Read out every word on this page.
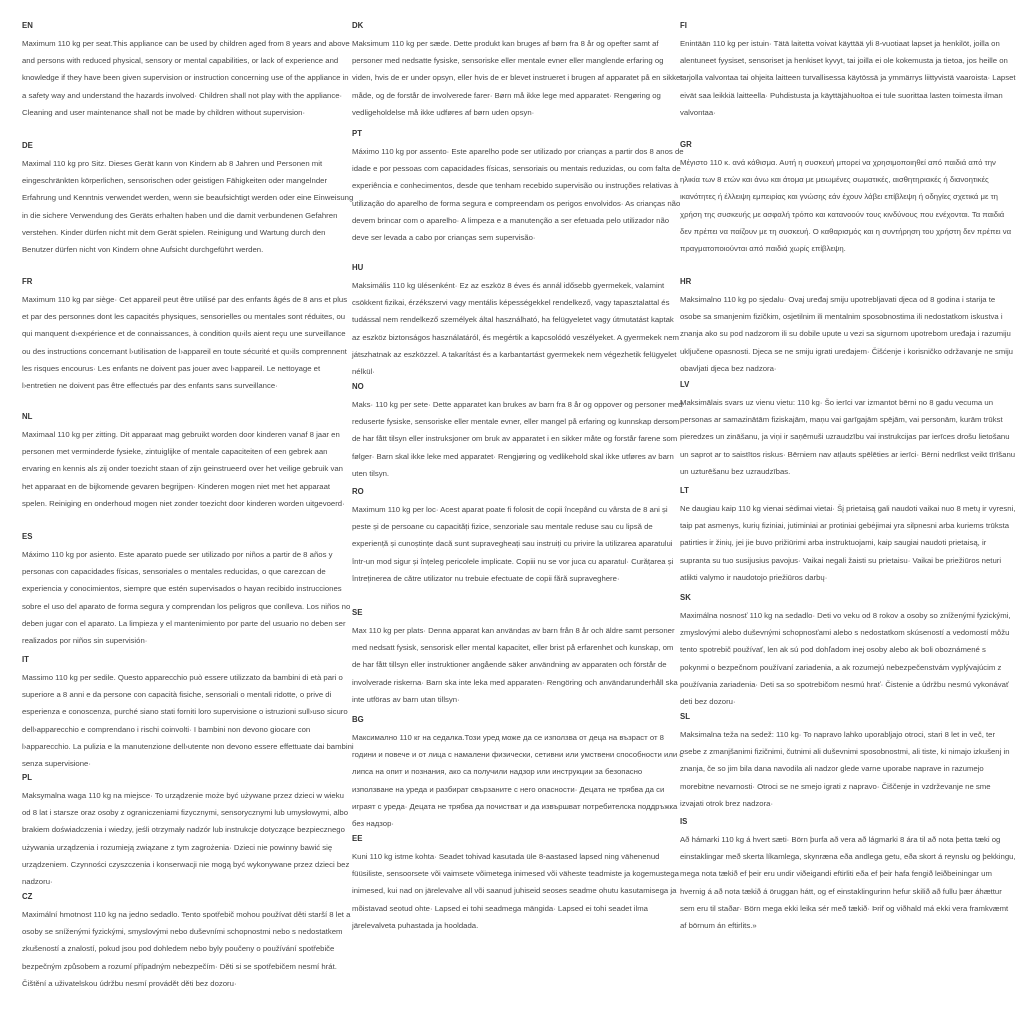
EN

Maximum 110 kg per seat.This appliance can be used by children aged from 8 years and above and persons with reduced physical, sensory or mental capabilities, or lack of experience and knowledge if they have been given supervision or instruction concerning use of the appliance in a safety way and understand the hazards involved· Children shall not play with the appliance· Cleaning and user maintenance shall not be made by children without supervision·

DE

Maximal 110 kg pro Sitz. Dieses Gerät kann von Kindern ab 8 Jahren und Personen mit eingeschränkten körperlichen, sensorischen oder geistigen Fähigkeiten oder mangelnder Erfahrung und Kenntnis verwendet werden, wenn sie beaufsichtigt werden oder eine Einweisung in die sichere Verwendung des Geräts erhalten haben und die damit verbundenen Gefahren verstehen. Kinder dürfen nicht mit dem Gerät spielen. Reinigung und Wartung durch den Benutzer dürfen nicht von Kindern ohne Aufsicht durchgeführt werden.

FR

Maximum 110 kg par siège· Cet appareil peut être utilisé par des enfants âgés de 8 ans et plus et par des personnes dont les capacités physiques, sensorielles ou mentales sont réduites, ou qui manquent d›expérience et de connaissances, à condition qu›ils aient reçu une surveillance ou des instructions concernant l›utilisation de l›appareil en toute sécurité et qu›ils comprennent les risques encourus· Les enfants ne doivent pas jouer avec l›appareil. Le nettoyage et l›entretien ne doivent pas être effectués par des enfants sans surveillance·

NL

Maximaal 110 kg per zitting. Dit apparaat mag gebruikt worden door kinderen vanaf 8 jaar en personen met verminderde fysieke, zintuiglijke of mentale capaciteiten of een gebrek aan ervaring en kennis als zij onder toezicht staan of zijn geinstrueerd over het veilige gebruik van het apparaat en de bijkomende gevaren begrijpen· Kinderen mogen niet met het apparaat spelen. Reiniging en onderhoud mogen niet zonder toezicht door kinderen worden uitgevoerd·

ES

Máximo 110 kg por asiento. Este aparato puede ser utilizado por niños a partir de 8 años y personas con capacidades físicas, sensoriales o mentales reducidas, o que carezcan de experiencia y conocimientos, siempre que estén supervisados o hayan recibido instrucciones sobre el uso del aparato de forma segura y comprendan los peligros que conlleva. Los niños no deben jugar con el aparato. La limpieza y el mantenimiento por parte del usuario no deben ser realizados por niños sin supervisión·

IT

Massimo 110 kg per sedile. Questo apparecchio può essere utilizzato da bambini di età pari o superiore a 8 anni e da persone con capacità fisiche, sensoriali o mentali ridotte, o prive di esperienza e conoscenza, purché siano stati forniti loro supervisione o istruzioni sull›uso sicuro dell›apparecchio e comprendano i rischi coinvolti· I bambini non devono giocare con l›apparecchio. La pulizia e la manutenzione dell›utente non devono essere effettuate dai bambini senza supervisione·

PL

Maksymalna waga 110 kg na miejsce· To urządzenie może być używane przez dzieci w wieku od 8 lat i starsze oraz osoby z ograniczeniami fizycznymi, sensorycznymi lub umysłowymi, albo brakiem doświadczenia i wiedzy, jeśli otrzymały nadzór lub instrukcje dotyczące bezpiecznego używania urządzenia i rozumieją związane z tym zagrożenia· Dzieci nie powinny bawić się urządzeniem. Czynności czyszczenia i konserwacji nie mogą być wykonywane przez dzieci bez nadzoru·

CZ

Maximální hmotnost 110 kg na jedno sedadlo. Tento spotřebič mohou používat děti starší 8 let a osoby se sníženými fyzickými, smyslovými nebo duševními schopnostmi nebo s nedostatkem zkušeností a znalostí, pokud jsou pod dohledem nebo byly poučeny o používání spotřebiče bezpečným způsobem a rozumí případným nebezpečím· Děti si se spotřebičem nesmí hrát. Čištění a uživatelskou údržbu nesmí provádět děti bez dozoru·

DK

Maksimum 110 kg per sæde. Dette produkt kan bruges af børn fra 8 år og opefter samt af personer med nedsatte fysiske, sensoriske eller mentale evner eller manglende erfaring og viden, hvis de er under opsyn, eller hvis de er blevet instrueret i brugen af apparatet på en sikker måde, og de forstår de involverede farer· Børn må ikke lege med apparatet· Rengøring og vedligeholdelse må ikke udføres af børn uden opsyn·

PT

Máximo 110 kg por assento· Este aparelho pode ser utilizado por crianças a partir dos 8 anos de idade e por pessoas com capacidades físicas, sensoriais ou mentais reduzidas, ou com falta de experiência e conhecimentos, desde que tenham recebido supervisão ou instruções relativas à utilização do aparelho de forma segura e compreendam os perigos envolvidos· As crianças não devem brincar com o aparelho· A limpeza e a manutenção a ser efetuada pelo utilizador não deve ser levada a cabo por crianças sem supervisão·

HU

Maksimális 110 kg ülésenként· Ez az eszköz 8 éves és annál idősebb gyermekek, valamint csökkent fizikai, érzékszervi vagy mentális képességekkel rendelkező, vagy tapasztalattal és tudással nem rendelkező személyek által használható, ha felügyeletet vagy útmutatást kaptak az eszköz biztonságos használatáról, és megértik a kapcsolódó veszélyeket. A gyermekek nem játszhatnak az eszközzel. A takarítást és a karbantartást gyermekek nem végezhetik felügyelet nélkül·

NO

Maks· 110 kg per sete· Dette apparatet kan brukes av barn fra 8 år og oppover og personer med reduserte fysiske, sensoriske eller mentale evner, eller mangel på erfaring og kunnskap dersom de har fått tilsyn eller instruksjoner om bruk av apparatet i en sikker måte og forstår farene som følger· Barn skal ikke leke med apparatet· Rengjøring og vedlikehold skal ikke utføres av barn uten tilsyn.

RO

Maximum 110 kg per loc· Acest aparat poate fi folosit de copii începând cu vârsta de 8 ani și peste și de persoane cu capacități fizice, senzoriale sau mentale reduse sau cu lipsă de experiență și cunoștințe dacă sunt supravegheați sau instruiți cu privire la utilizarea aparatului într-un mod sigur și înțeleg pericolele implicate. Copiii nu se vor juca cu aparatul· Curățarea și întreținerea de către utilizator nu trebuie efectuate de copii fără supraveghere·

SE

Max 110 kg per plats· Denna apparat kan användas av barn från 8 år och äldre samt personer med nedsatt fysisk, sensorisk eller mental kapacitet, eller brist på erfarenhet och kunskap, om de har fått tillsyn eller instruktioner angående säker användning av apparaten och förstår de involverade riskerna· Barn ska inte leka med apparaten· Rengöring och användarunderhåll ska inte utföras av barn utan tillsyn·

BG

Максимално 110 кг на седалка.Този уред може да се използва от деца на възраст от 8 години и повече и от лица с намалени физически, сетивни или умствени способности или с липса на опит и познания, ако са получили надзор или инструкции за безопасно използване на уреда и разбират свързаните с него опасности· Децата не трябва да си играят с уреда· Децата не трябва да почистват и да извършват потребителска поддръжка без надзор·

EE

Kuni 110 kg istme kohta· Seadet tohivad kasutada üle 8-aastased lapsed ning vähenenud füüsiliste, sensoorsete või vaimsete võimetega inimesed või väheste teadmiste ja kogemustega inimesed, kui nad on järelevalve all või saanud juhiseid seoses seadme ohutu kasutamisega ja mõistavad seotud ohte· Lapsed ei tohi seadmega mängida· Lapsed ei tohi seadet ilma järelevalveta puhastada ja hooldada.

FI

Enintään 110 kg per istuin· Tätä laitetta voivat käyttää yli 8-vuotiaat lapset ja henkilöt, joilla on alentuneet fyysiset, sensoriset ja henkiset kyvyt, tai joilla ei ole kokemusta ja tietoa, jos heille on tarjolla valvontaa tai ohjeita laitteen turvallisessa käytössä ja ymmärrys liittyvistä vaaroista· Lapset eivät saa leikkiä laitteella· Puhdistusta ja käyttäjähuoltoa ei tule suorittaa lasten toimesta ilman valvontaa·

GR

Μέγιστο 110 κ. ανά κάθισμα. Αυτή η συσκευή μπορεί να χρησιμοποιηθεί από παιδιά από την ηλικία των 8 ετών και άνω και άτομα με μειωμένες σωματικές, αισθητηριακές ή διανοητικές ικανότητες ή έλλειψη εμπειρίας και γνώσης εάν έχουν λάβει επίβλεψη ή οδηγίες σχετικά με τη χρήση της συσκευής με ασφαλή τρόπο και κατανοούν τους κινδύνους που ενέχονται. Τα παιδιά δεν πρέπει να παίζουν με τη συσκευή. Ο καθαρισμός και η συντήρηση του χρήστη δεν πρέπει να πραγματοποιούνται από παιδιά χωρίς επίβλεψη.

HR

Maksimalno 110 kg po sjedalu· Ovaj uređaj smiju upotrebljavati djeca od 8 godina i starija te osobe sa smanjenim fizičkim, osjetilnim ili mentalnim sposobnostima ili nedostatkom iskustva i znanja ako su pod nadzorom ili su dobile upute u vezi sa sigurnom upotrebom uređaja i razumiju uključene opasnosti. Djeca se ne smiju igrati uređajem· Čišćenje i korisničko održavanje ne smiju obavljati djeca bez nadzora·

LV

Maksimālais svars uz vienu vietu: 110 kg· Šo ierīci var izmantot bērni no 8 gadu vecuma un personas ar samazinātām fiziskajām, maņu vai garīgajām spējām, vai personām, kurām trūkst pieredzes un zināšanu, ja viņi ir saņēmuši uzraudzību vai instrukcijas par ierīces drošu lietošanu un saprot ar to saistītos riskus· Bērniem nav atļauts spēlēties ar ierīci· Bērni nedrīkst veikt tīrīšanu un uzturēšanu bez uzraudzības.

LT

Ne daugiau kaip 110 kg vienai sėdimai vietai· Šį prietaisą gali naudoti vaikai nuo 8 metų ir vyresni, taip pat asmenys, kurių fiziniai, jutiminiai ar protiniai gebėjimai yra silpnesni arba kuriems trūksta patirties ir žinių, jei jie buvo prižiūrimi arba instruktuojami, kaip saugiai naudoti prietaisą, ir supranta su tuo susijusius pavojus· Vaikai negali žaisti su prietaisu· Vaikai be priežiūros neturi atlikti valymo ir naudotojo priežiūros darbų·

SK

Maximálna nosnosť 110 kg na sedadlo· Deti vo veku od 8 rokov a osoby so zníženými fyzickými, zmyslovými alebo duševnými schopnosťami alebo s nedostatkom skúseností a vedomostí môžu tento spotrebič používať, len ak sú pod dohľadom inej osoby alebo ak boli oboznámené s pokynmi o bezpečnom používaní zariadenia, a ak rozumejú nebezpečenstvám vyplývajúcim z používania zariadenia· Deti sa so spotrebičom nesmú hrať· Čistenie a údržbu nesmú vykonávať deti bez dozoru·

SL

Maksimalna teža na sedež: 110 kg· To napravo lahko uporabljajo otroci, stari 8 let in več, ter osebe z zmanjšanimi fizičnimi, čutnimi ali duševnimi sposobnostmi, ali tiste, ki nimajo izkušenj in znanja, če so jim bila dana navodila ali nadzor glede varne uporabe naprave in razumejo morebitne nevarnosti· Otroci se ne smejo igrati z napravo· Čiščenje in vzdrževanje ne sme izvajati otrok brez nadzora·

IS

Að hámarki 110 kg á hvert sæti· Börn þurfa að vera að lágmarki 8 ára til að nota þetta tæki og einstaklingar með skerta líkamlega, skynræna eða andlega getu, eða skort á reynslu og þekkingu, mega nota tækið ef þeir eru undir viðeigandi eftirliti eða ef þeir hafa fengið leiðbeiningar um hvernig á að nota tækið á öruggan hátt, og ef einstaklingurinn hefur skilið að fullu þær áhættur sem eru til staðar· Börn mega ekki leika sér með tækið· Þrif og viðhald má ekki vera framkvæmt af börnum án eftirlits.»
